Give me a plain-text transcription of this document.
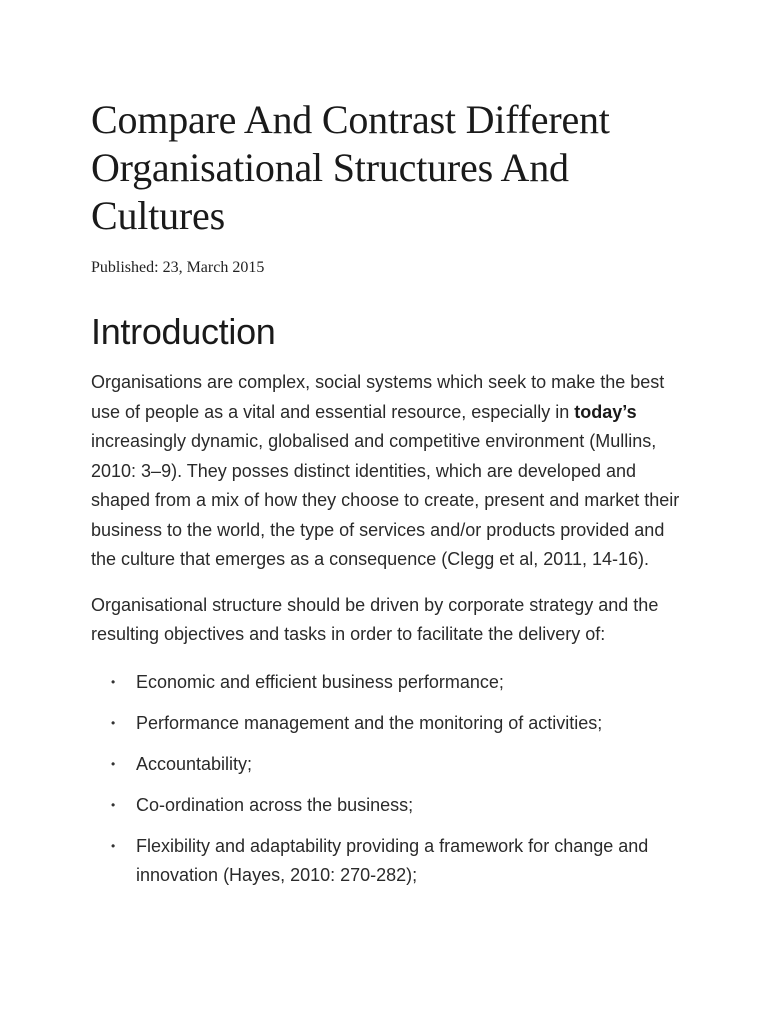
Compare And Contrast Different Organisational Structures And Cultures

Published: 23, March 2015

Introduction

Organisations are complex, social systems which seek to make the best use of people as a vital and essential resource, especially in today’s increasingly dynamic, globalised and competitive environment (Mullins, 2010: 3–9). They posses distinct identities, which are developed and shaped from a mix of how they choose to create, present and market their business to the world, the type of services and/or products provided and the culture that emerges as a consequence (Clegg et al, 2011, 14-16).

Organisational structure should be driven by corporate strategy and the resulting objectives and tasks in order to facilitate the delivery of:

• Economic and efficient business performance;
• Performance management and the monitoring of activities;
• Accountability;
• Co-ordination across the business;
• Flexibility and adaptability providing a framework for change and innovation (Hayes, 2010: 270-282);
